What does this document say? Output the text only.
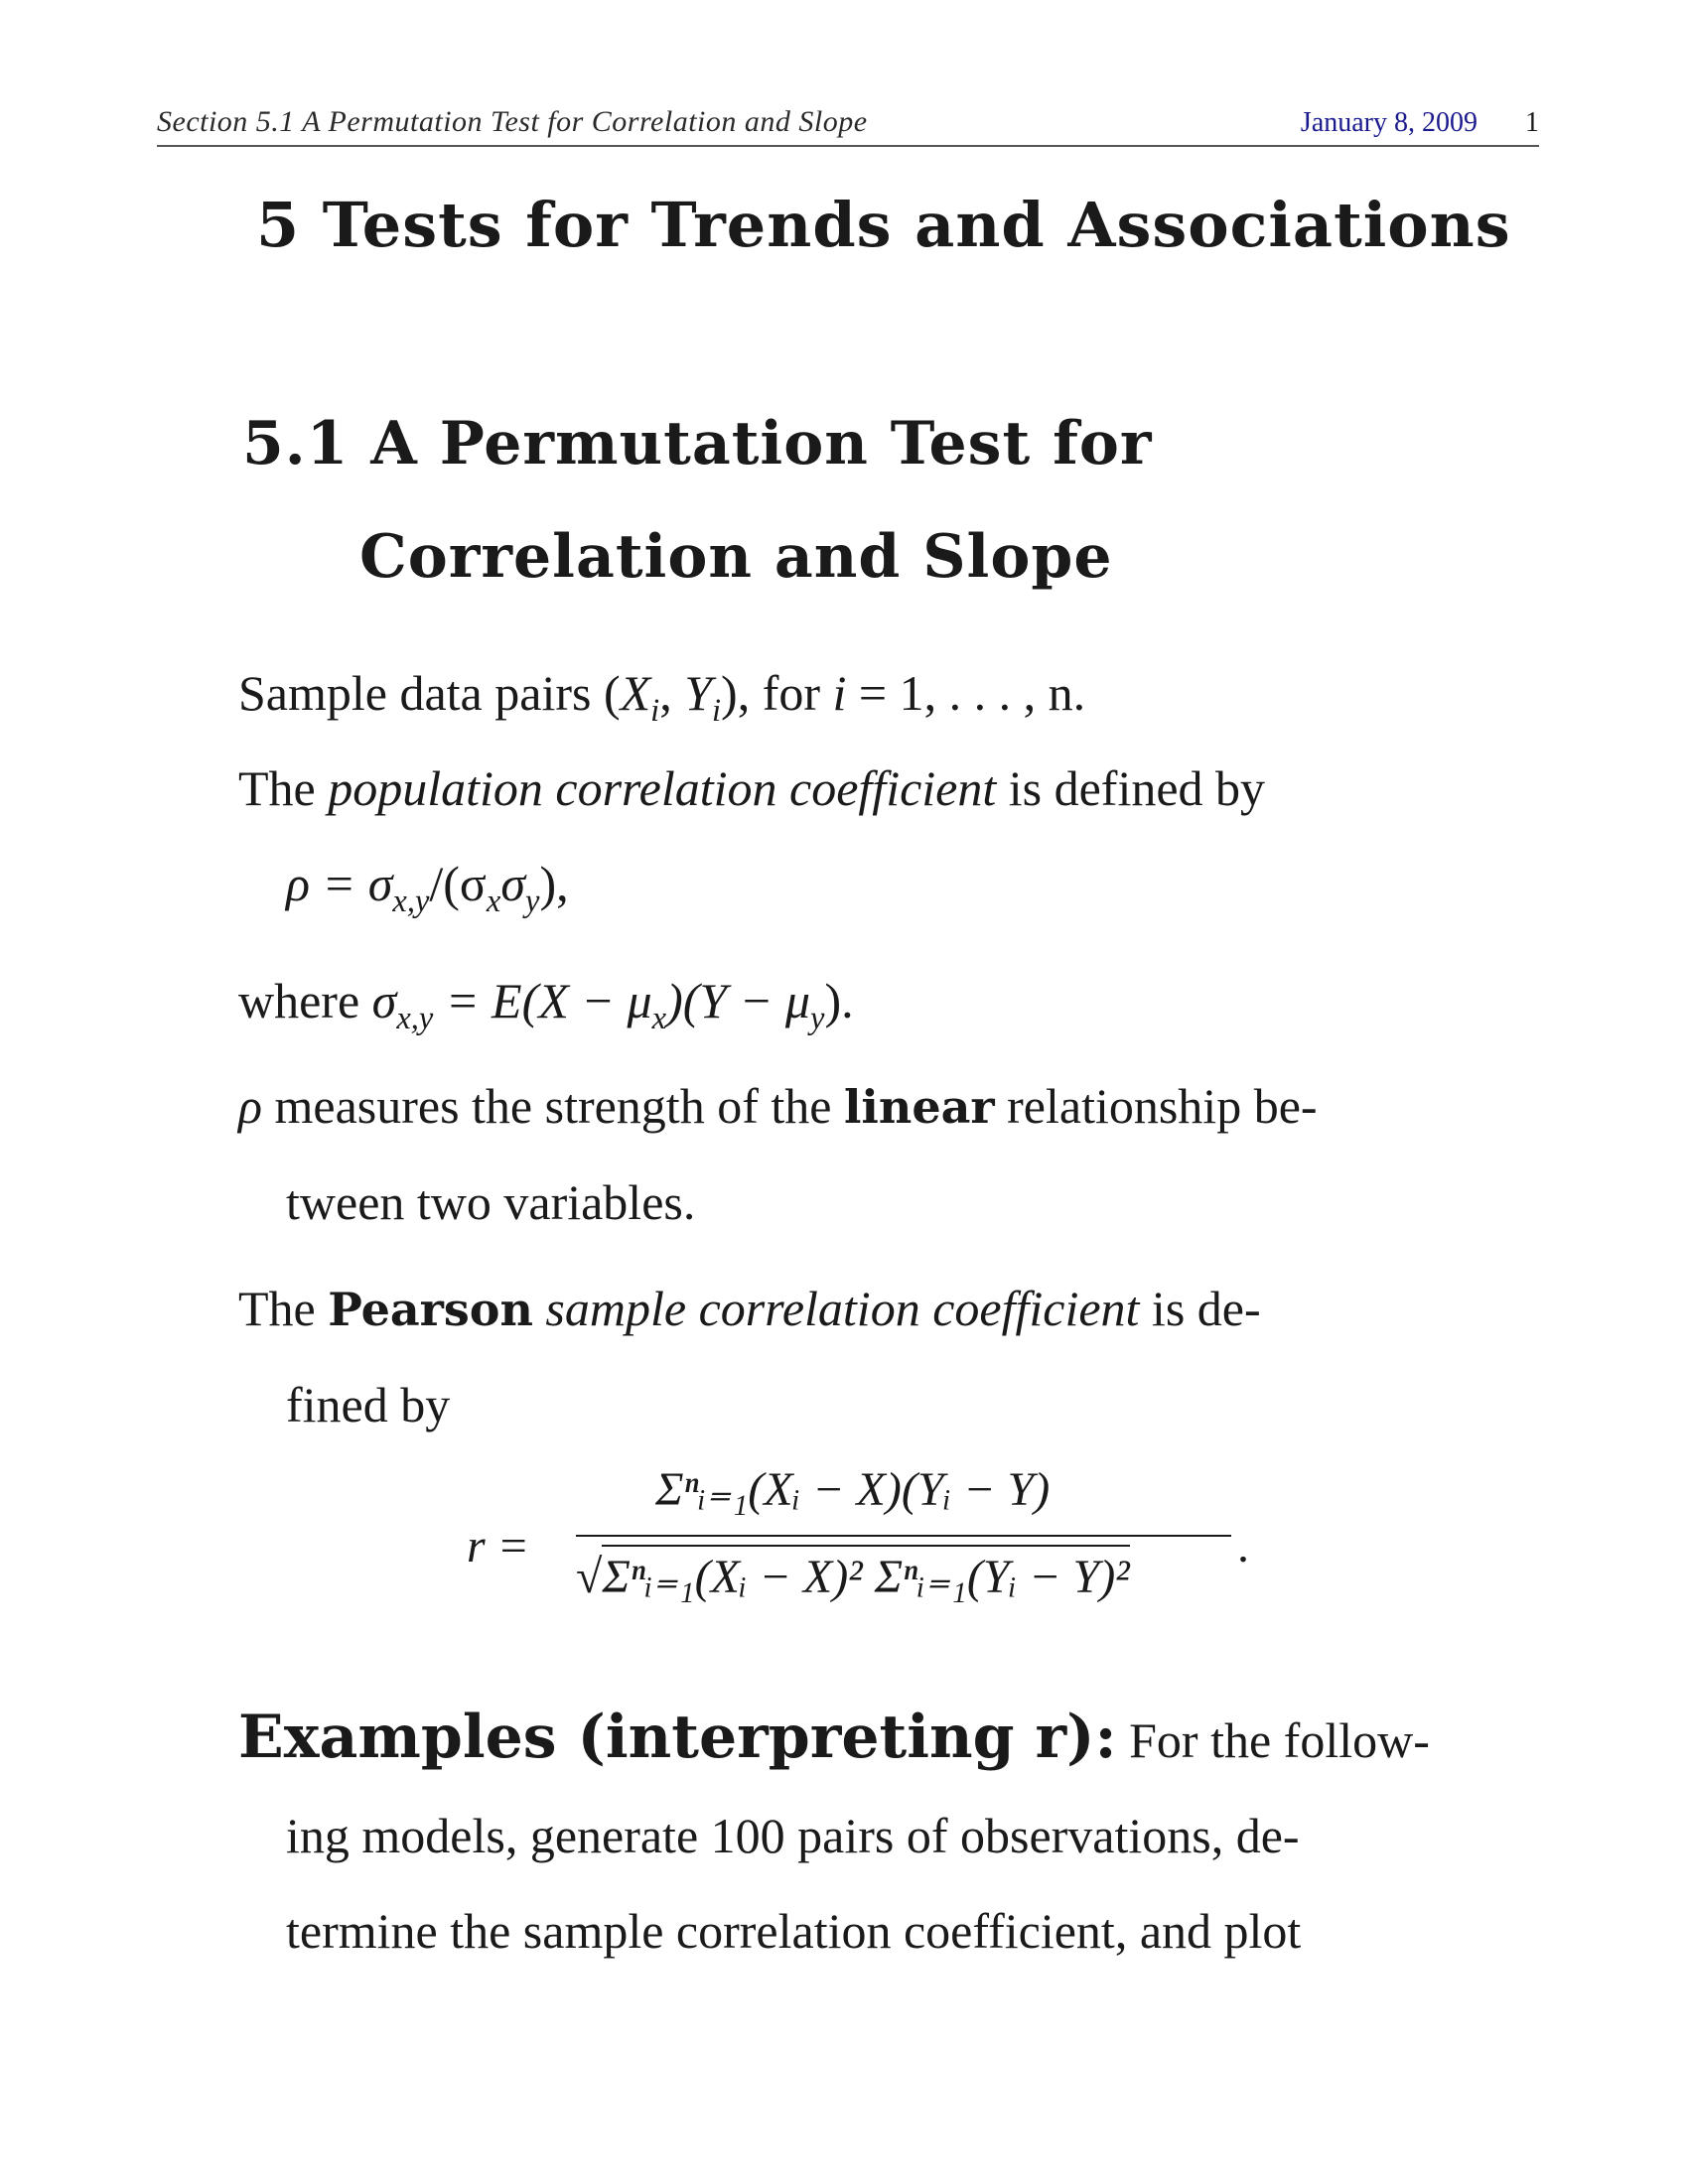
Section 5.1 A Permutation Test for Correlation and Slope	January 8, 2009 1
5 Tests for Trends and Associations
5.1 A Permutation Test for
Correlation and Slope

Sample data pairs ($X_i$, $Y_i$), for i = 1, . . . , n.

The population correlation coefficient is defined by
$\rho = \sigma_{x,y}/(\sigma_x\sigma_y)$,

where $\sigma_{x,y} = E(X - \mu_x)(Y - \mu_y)$.

ρ measures the strength of the linear relationship be-
tween two variables.

The Pearson sample correlation coefficient is de-
fined by

r =
Σⁿᵢ₌₁(Xᵢ − X)(Yᵢ − Y)
√Σⁿᵢ₌₁(Xᵢ − X)² Σⁿᵢ₌₁(Yᵢ − Y)²
.

Examples (interpreting r): For the follow-
ing models, generate 100 pairs of observations, de-
termine the sample correlation coefficient, and plot
